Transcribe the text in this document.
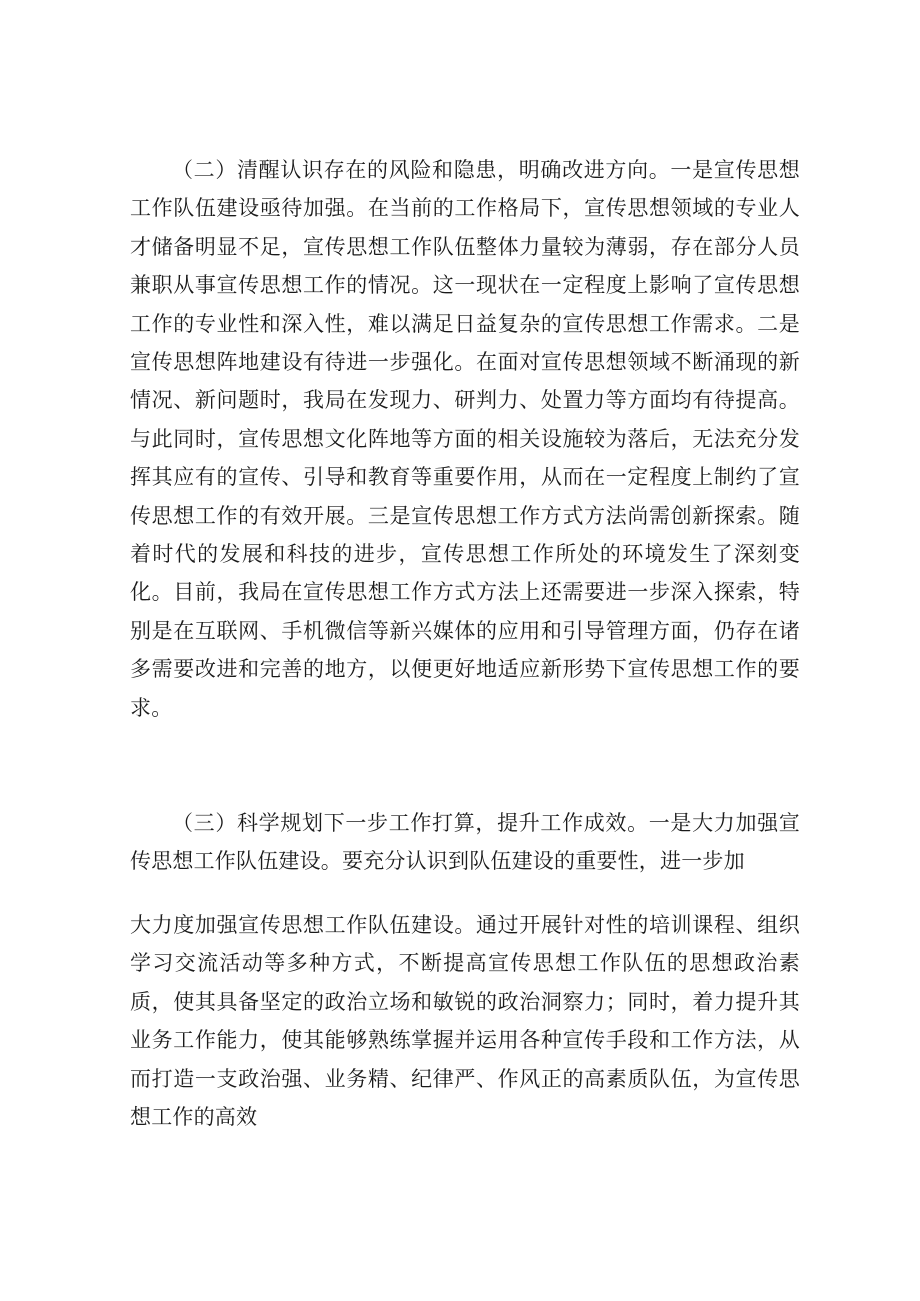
（二）清醒认识存在的风险和隐患，明确改进方向。一是宣传思想工作队伍建设亟待加强。在当前的工作格局下，宣传思想领域的专业人才储备明显不足，宣传思想工作队伍整体力量较为薄弱，存在部分人员兼职从事宣传思想工作的情况。这一现状在一定程度上影响了宣传思想工作的专业性和深入性，难以满足日益复杂的宣传思想工作需求。二是宣传思想阵地建设有待进一步强化。在面对宣传思想领域不断涌现的新情况、新问题时，我局在发现力、研判力、处置力等方面均有待提高。与此同时，宣传思想文化阵地等方面的相关设施较为落后，无法充分发挥其应有的宣传、引导和教育等重要作用，从而在一定程度上制约了宣传思想工作的有效开展。三是宣传思想工作方式方法尚需创新探索。随着时代的发展和科技的进步，宣传思想工作所处的环境发生了深刻变化。目前，我局在宣传思想工作方式方法上还需要进一步深入探索，特别是在互联网、手机微信等新兴媒体的应用和引导管理方面，仍存在诸多需要改进和完善的地方，以便更好地适应新形势下宣传思想工作的要求。

（三）科学规划下一步工作打算，提升工作成效。一是大力加强宣传思想工作队伍建设。要充分认识到队伍建设的重要性，进一步加

大力度加强宣传思想工作队伍建设。通过开展针对性的培训课程、组织学习交流活动等多种方式，不断提高宣传思想工作队伍的思想政治素质，使其具备坚定的政治立场和敏锐的政治洞察力；同时，着力提升其业务工作能力，使其能够熟练掌握并运用各种宣传手段和工作方法，从而打造一支政治强、业务精、纪律严、作风正的高素质队伍，为宣传思想工作的高效
